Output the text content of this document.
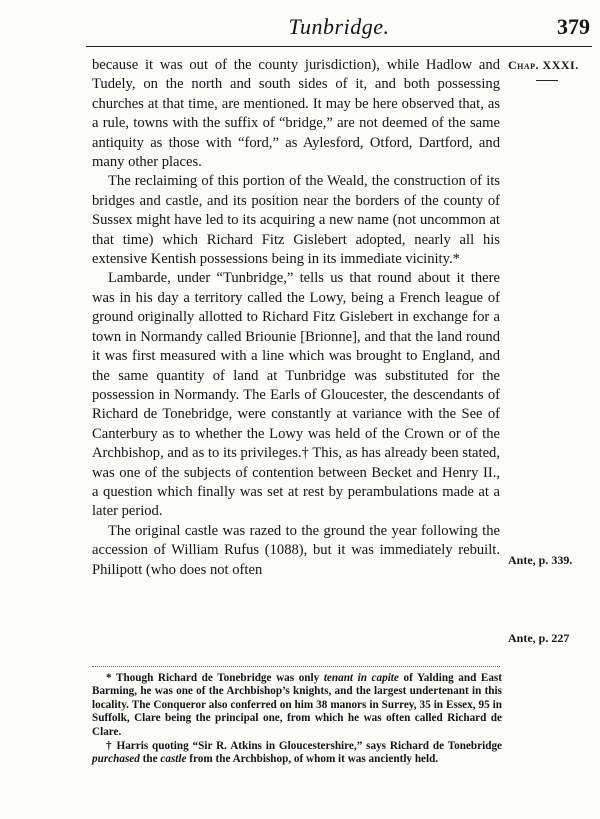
Tunbridge.	379
Chap. XXXI.

because it was out of the county jurisdiction), while Hadlow and Tudely, on the north and south sides of it, and both possessing churches at that time, are mentioned. It may be here observed that, as a rule, towns with the suffix of “bridge,” are not deemed of the same antiquity as those with “ford,” as Aylesford, Otford, Dartford, and many other places.

The reclaiming of this portion of the Weald, the construction of its bridges and castle, and its position near the borders of the county of Sussex might have led to its acquiring a new name (not uncommon at that time) which Richard Fitz Gislebert adopted, nearly all his extensive Kentish possessions being in its immediate vicinity.*

Lambarde, under “Tunbridge,” tells us that round about it there was in his day a territory called the Lowy, being a French league of ground originally allotted to Richard Fitz Gislebert in exchange for a town in Normandy called Briounie [Brionne], and that the land round it was first measured with a line which was brought to England, and the same quantity of land at Tunbridge was substituted for the possession in Normandy. The Earls of Gloucester, the descendants of Richard de Tonebridge, were constantly at variance with the See of Canterbury as to whether the Lowy was held of the Crown or of the Archbishop, and as to its privileges.† This, as has already been stated, was one of the subjects of contention between Becket and Henry II., a question which finally was set at rest by perambulations made at a later period.

The original castle was razed to the ground the year following the accession of William Rufus (1088), but it was immediately rebuilt. Philipott (who does not often

Ante, p. 339.
Ante, p. 227

* Though Richard de Tonebridge was only tenant in capite of Yalding and East Barming, he was one of the Archbishop’s knights, and the largest undertenant in this locality. The Conqueror also conferred on him 38 manors in Surrey, 35 in Essex, 95 in Suffolk, Clare being the principal one, from which he was often called Richard de Clare.

† Harris quoting “Sir R. Atkins in Gloucestershire,” says Richard de Tonebridge purchased the castle from the Archbishop, of whom it was anciently held.
